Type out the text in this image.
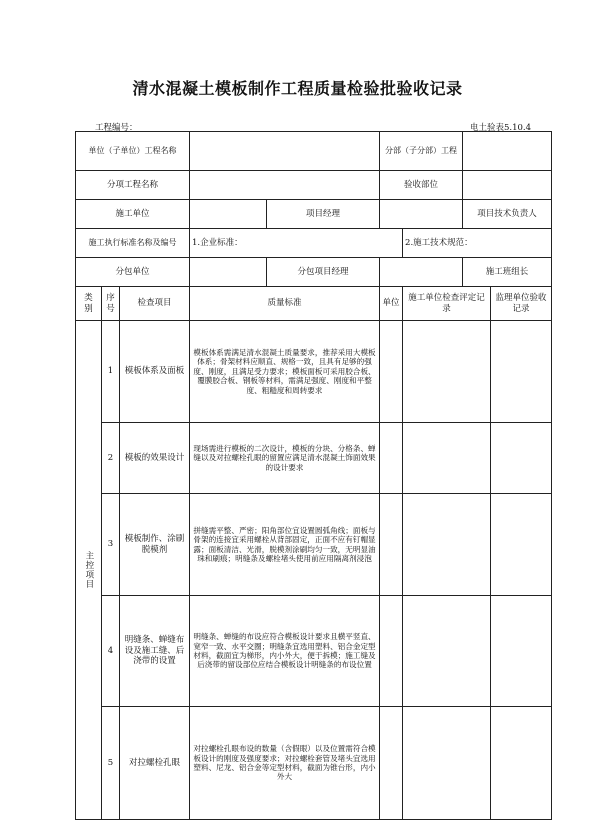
清水混凝土模板制作工程质量检验批验收记录
工程编号：	电土验表5.10.4
单位（子单位）工程名称					分部（子分部）工程			
分项工程名称					验收部位			
施工单位				项目经理			项目技术负责人	
施工执行标准名称及编号			1.企业标准：			2.施工技术规范：		
分包单位				分包项目经理			施工班组长	

类别	序号	检查项目	质量标准		单位	施工单位检查评定记录		监理单位验收记录

主控项目	1	模板体系及面板	模板体系需满足清水混凝土质量要求，推荐采用大模板体系；骨架材料应顺直、规格一致，且具有足够的强度、刚度，且满足受力要求；模板面板可采用胶合板、覆膜胶合板、钢板等材料，需满足强度、刚度和平整度、粗糙度和周转要求					
	2	模板的效果设计	现场需进行模板的二次设计，模板的分块、分格条、蝉缝以及对拉螺栓孔眼的留置应满足清水混凝土饰面效果的设计要求					
	3	模板制作、涂刷脱模剂	拼缝需平整、严密；阳角部位宜设置圆弧角线；面板与骨架的连接宜采用螺栓从背部固定，正面不应有钉帽显露；面板清洁、光滑，脱模剂涂刷均匀一致，无明显油珠和刷痕；明缝条及螺栓堵头使用前应用隔离剂浸泡					
	4	明缝条、蝉缝布设及施工缝、后浇带的设置	明缝条、蝉缝的布设应符合模板设计要求且横平竖直、宽窄一致、水平交圈；明缝条宜选用塑料、铝合金定型材料，截面宜为梯形，内小外大，便于拆模；施工缝及后浇带的留设部位应结合模板设计明缝条的布设位置					
	5	对拉螺栓孔眼	对拉螺栓孔眼布设的数量（含假眼）以及位置需符合模板设计的刚度及强度要求；对拉螺栓套管及堵头宜选用塑料、尼龙、铝合金等定型材料，截面为锥台形，内小外大					
